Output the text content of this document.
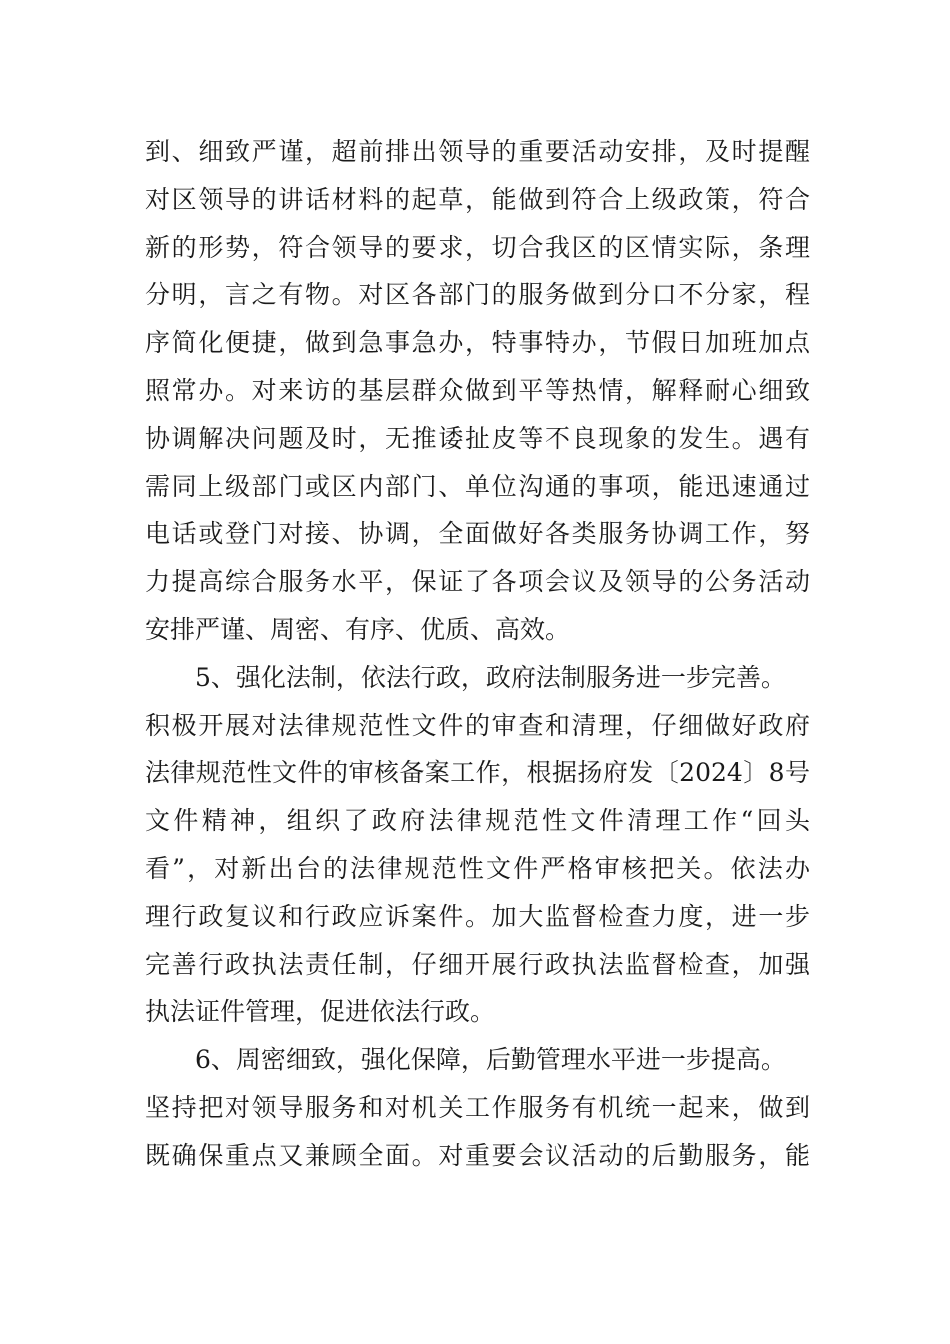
到、细致严谨，超前排出领导的重要活动安排，及时提醒
对区领导的讲话材料的起草，能做到符合上级政策，符合
新的形势，符合领导的要求，切合我区的区情实际，条理
分明，言之有物。对区各部门的服务做到分口不分家，程
序简化便捷，做到急事急办，特事特办，节假日加班加点
照常办。对来访的基层群众做到平等热情，解释耐心细致
协调解决问题及时，无推诿扯皮等不良现象的发生。遇有
需同上级部门或区内部门、单位沟通的事项，能迅速通过
电话或登门对接、协调，全面做好各类服务协调工作，努
力提高综合服务水平，保证了各项会议及领导的公务活动
安排严谨、周密、有序、优质、高效。
5、强化法制，依法行政，政府法制服务进一步完善。
积极开展对法律规范性文件的审查和清理，仔细做好政府
法律规范性文件的审核备案工作，根据扬府发〔2024〕8号
文件精神，组织了政府法律规范性文件清理工作“回头
看”，对新出台的法律规范性文件严格审核把关。依法办
理行政复议和行政应诉案件。加大监督检查力度，进一步
完善行政执法责任制，仔细开展行政执法监督检查，加强
执法证件管理，促进依法行政。
6、周密细致，强化保障，后勤管理水平进一步提高。
坚持把对领导服务和对机关工作服务有机统一起来，做到
既确保重点又兼顾全面。对重要会议活动的后勤服务，能
